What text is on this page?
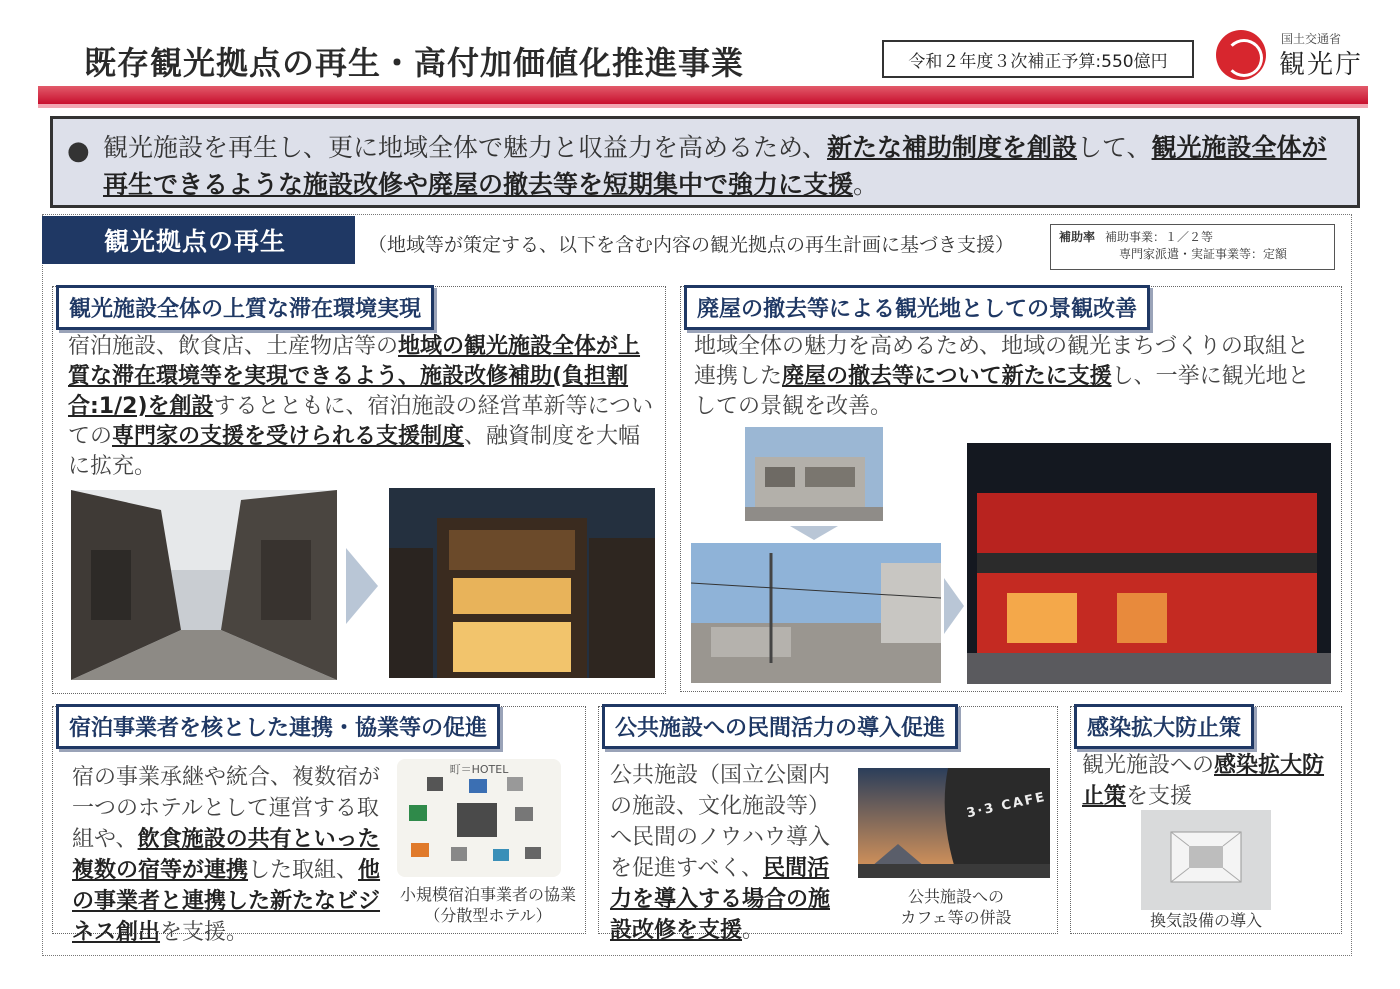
既存観光拠点の再生・高付加価値化推進事業	令和２年度３次補正予算:550億円
国土交通省
観光庁
● 観光施設を再生し、更に地域全体で魅力と収益力を高めるため、新たな補助制度を創設して、観光施設全体が再生できるような施設改修や廃屋の撤去等を短期集中で強力に支援。
観光拠点の再生	（地域等が策定する、以下を含む内容の観光拠点の再生計画に基づき支援）	補助率 補助事業：１／２等
専門家派遣・実証事業等：定額
観光施設全体の上質な滞在環境実現
宿泊施設、飲食店、土産物店等の地域の観光施設全体が上質な滞在環境等を実現できるよう、施設改修補助(負担割合:1/2)を創設するとともに、宿泊施設の経営革新等についての専門家の支援を受けられる支援制度、融資制度を大幅に拡充。
廃屋の撤去等による観光地としての景観改善
地域全体の魅力を高めるため、地域の観光まちづくりの取組と連携した廃屋の撤去等について新たに支援し、一挙に観光地としての景観を改善。
宿泊事業者を核とした連携・協業等の促進
宿の事業承継や統合、複数宿が一つのホテルとして運営する取組や、飲食施設の共有といった複数の宿等が連携した取組、他の事業者と連携した新たなビジネス創出を支援。
町＝HOTEL
小規模宿泊事業者の協業
（分散型ホテル）
公共施設への民間活力の導入促進
公共施設（国立公園内の施設、文化施設等）へ民間のノウハウ導入を促進すべく、民間活力を導入する場合の施設改修を支援。
3·3 CAFE
公共施設への
カフェ等の併設
感染拡大防止策
観光施設への感染拡大防止策を支援
換気設備の導入
